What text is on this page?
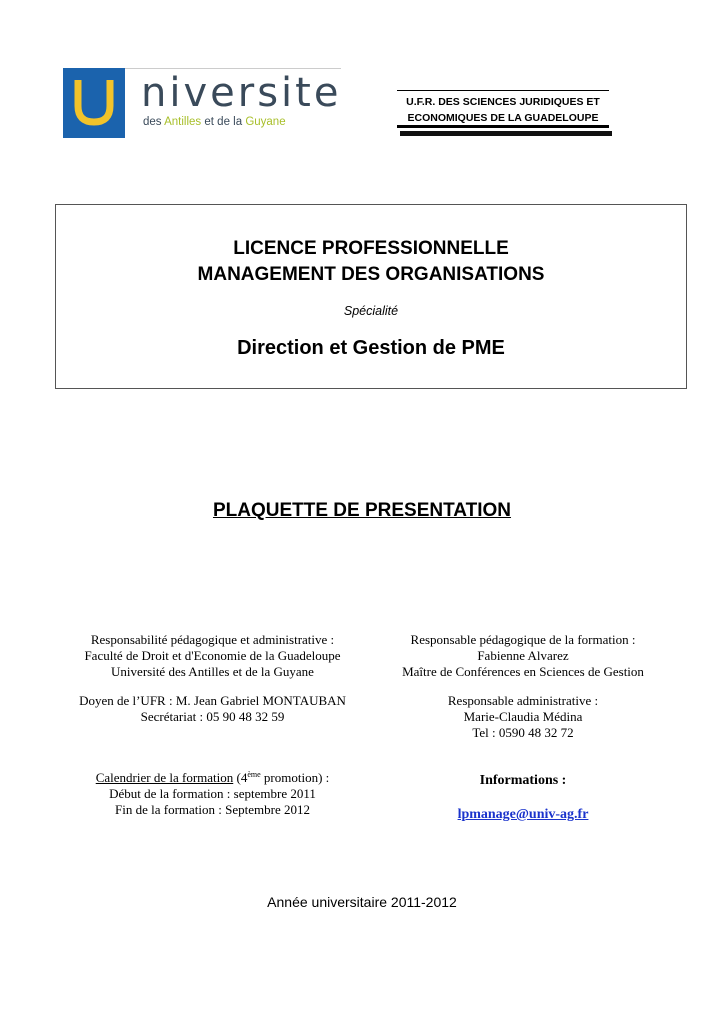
niversite
des Antilles et de la Guyane
U.F.R. DES SCIENCES JURIDIQUES ET
ECONOMIQUES DE LA GUADELOUPE
LICENCE PROFESSIONNELLE
MANAGEMENT DES ORGANISATIONS
Spécialité
Direction et Gestion de PME
PLAQUETTE DE PRESENTATION
Responsabilité pédagogique et administrative :
Faculté de Droit et d'Economie de la Guadeloupe
Université des Antilles et de la Guyane
Doyen de l’UFR : M. Jean Gabriel MONTAUBAN
Secrétariat : 05 90 48 32 59
Calendrier de la formation (4ème promotion) :
Début de la formation : septembre 2011
Fin de la formation : Septembre 2012
Responsable pédagogique de la formation :
Fabienne Alvarez
Maître de Conférences en Sciences de Gestion
Responsable administrative :
Marie-Claudia Médina
Tel : 0590 48 32 72
Informations :
lpmanage@univ-ag.fr
Année universitaire 2011-2012
